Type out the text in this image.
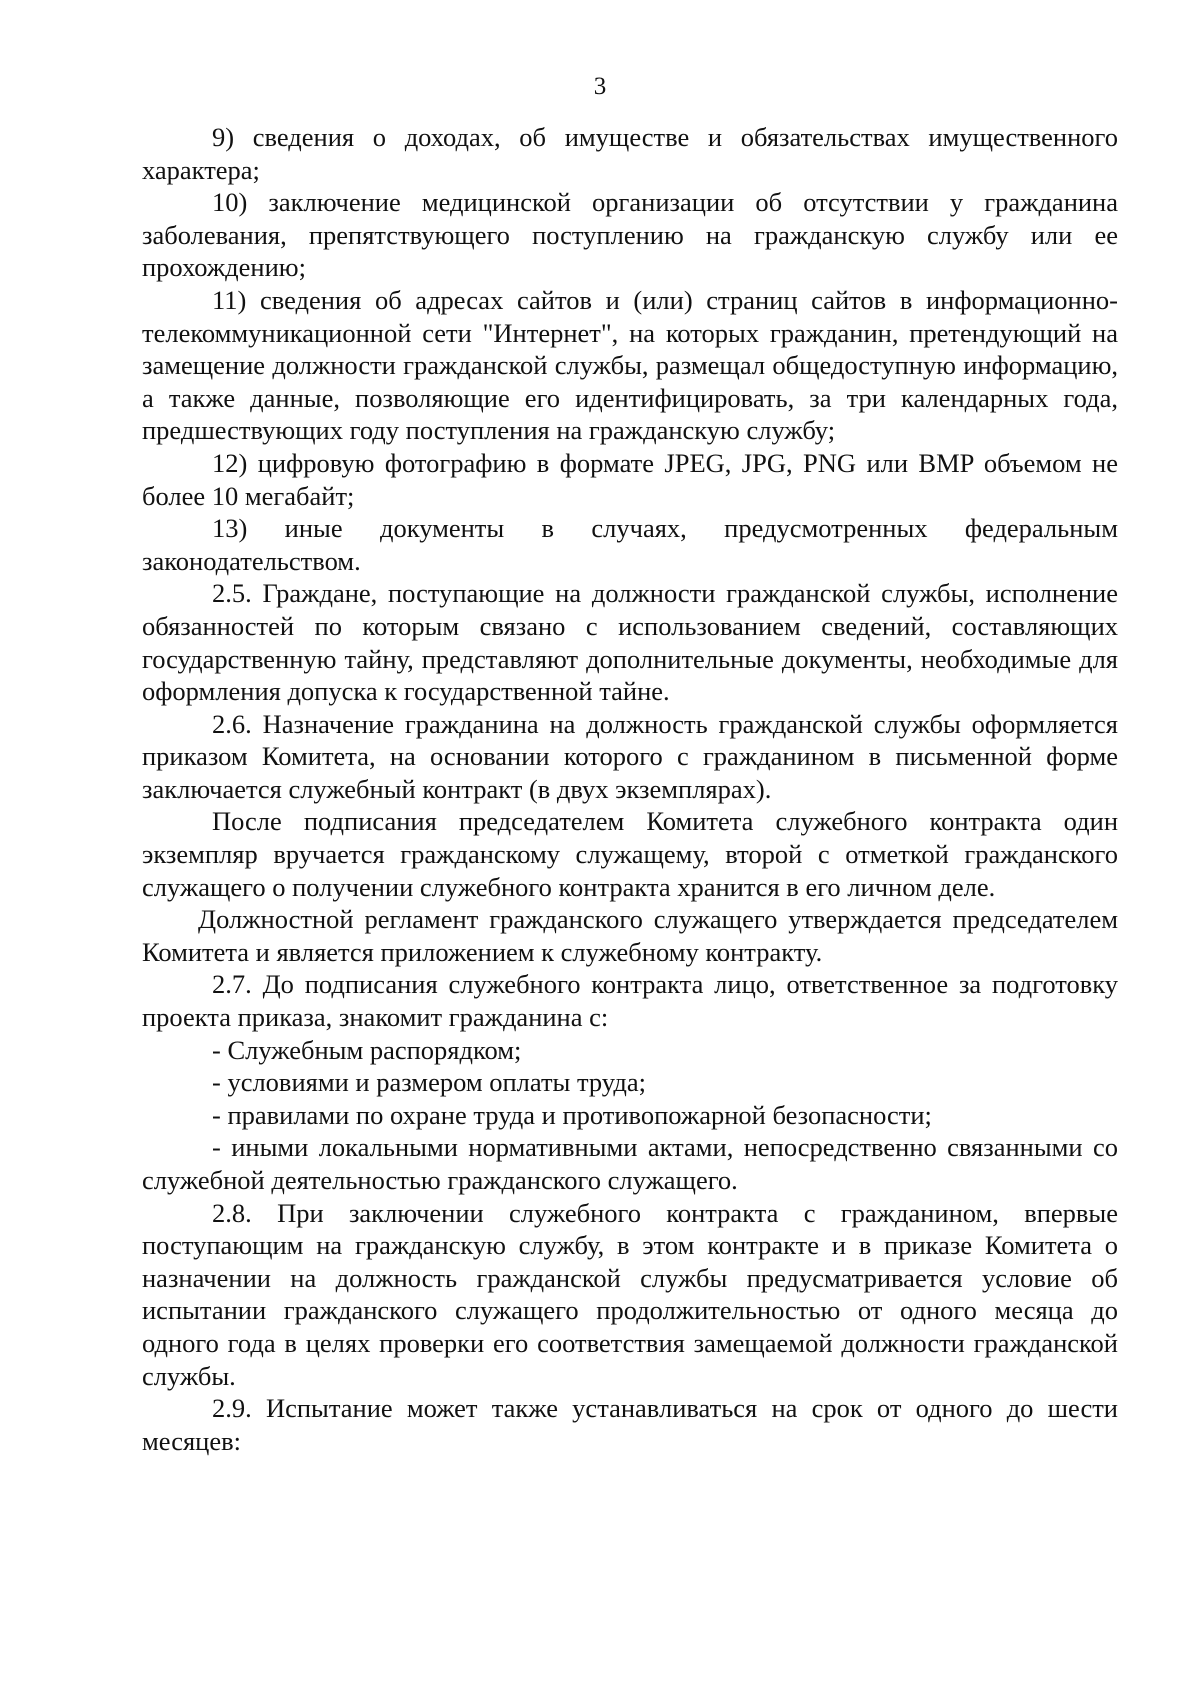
3

9) сведения о доходах, об имуществе и обязательствах имущественного характера;

10) заключение медицинской организации об отсутствии у гражданина заболевания, препятствующего поступлению на гражданскую службу или ее прохождению;

11) сведения об адресах сайтов и (или) страниц сайтов в информационно-телекоммуникационной сети "Интернет", на которых гражданин, претендующий на замещение должности гражданской службы, размещал общедоступную информацию, а также данные, позволяющие его идентифицировать, за три календарных года, предшествующих году поступления на гражданскую службу;

12) цифровую фотографию в формате JPEG, JPG, PNG или BMP объемом не более 10 мегабайт;

13) иные документы в случаях, предусмотренных федеральным законодательством.

2.5. Граждане, поступающие на должности гражданской службы, исполнение обязанностей по которым связано с использованием сведений, составляющих государственную тайну, представляют дополнительные документы, необходимые для оформления допуска к государственной тайне.

2.6. Назначение гражданина на должность гражданской службы оформляется приказом Комитета, на основании которого с гражданином в письменной форме заключается служебный контракт (в двух экземплярах).

После подписания председателем Комитета служебного контракта один экземпляр вручается гражданскому служащему, второй с отметкой гражданского служащего о получении служебного контракта хранится в его личном деле.

Должностной регламент гражданского служащего утверждается председателем Комитета и является приложением к служебному контракту.

2.7. До подписания служебного контракта лицо, ответственное за подготовку проекта приказа, знакомит гражданина с:

- Служебным распорядком;

- условиями и размером оплаты труда;

- правилами по охране труда и противопожарной безопасности;

- иными локальными нормативными актами, непосредственно связанными со служебной деятельностью гражданского служащего.

2.8. При заключении служебного контракта с гражданином, впервые поступающим на гражданскую службу, в этом контракте и в приказе Комитета о назначении на должность гражданской службы предусматривается условие об испытании гражданского служащего продолжительностью от одного месяца до одного года в целях проверки его соответствия замещаемой должности гражданской службы.

2.9. Испытание может также устанавливаться на срок от одного до шести месяцев:
